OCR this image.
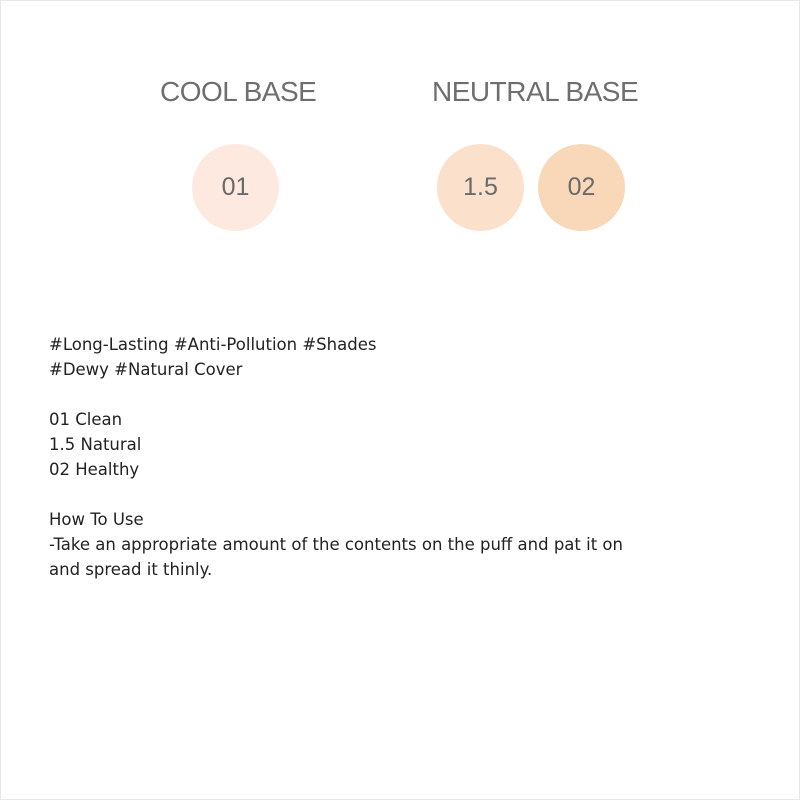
COOL BASE	NEUTRAL BASE
01	1.5	02
#Long-Lasting #Anti-Pollution #Shades
#Dewy #Natural Cover
01 Clean
1.5 Natural
02 Healthy
How To Use
-Take an appropriate amount of the contents on the puff and pat it on
and spread it thinly.
